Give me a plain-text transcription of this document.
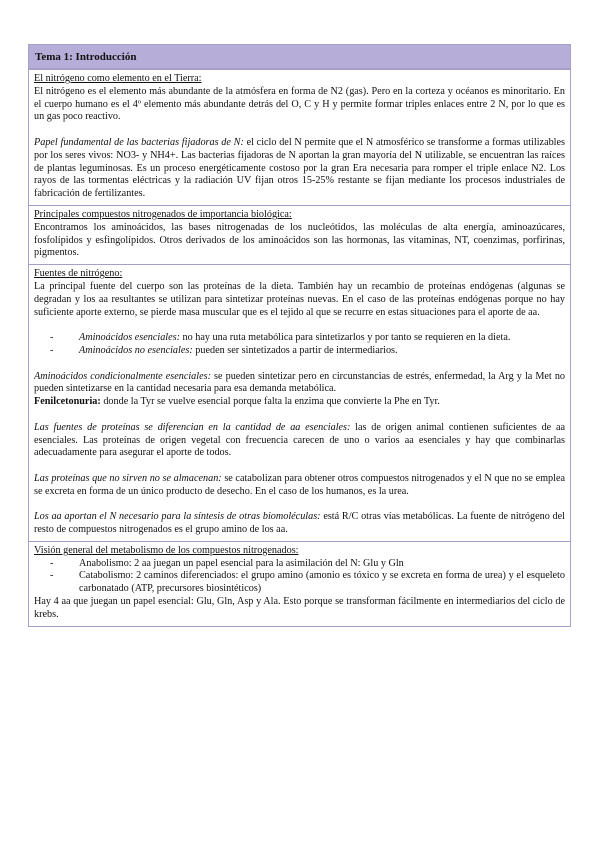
Tema 1: Introducción

El nitrógeno como elemento en el Tierra:

El nitrógeno es el elemento más abundante de la atmósfera en forma de N2 (gas). Pero en la corteza y océanos es minoritario. En el cuerpo humano es el 4º elemento más abundante detrás del O, C y H y permite formar triples enlaces entre 2 N, por lo que es un gas poco reactivo.

Papel fundamental de las bacterias fijadoras de N: el ciclo del N permite que el N atmosférico se transforme a formas utilizables por los seres vivos: NO3- y NH4+. Las bacterias fijadoras de N aportan la gran mayoría del N utilizable, se encuentran las raíces de plantas leguminosas. Es un proceso energéticamente costoso por la gran Era necesaria para romper el triple enlace N2. Los rayos de las tormentas eléctricas y la radiación UV fijan otros 15-25% restante se fijan mediante los procesos industriales de fabricación de fertilizantes.

Principales compuestos nitrogenados de importancia biológica:

Encontramos los aminoácidos, las bases nitrogenadas de los nucleótidos, las moléculas de alta energía, aminoazúcares, fosfolípidos y esfingolípidos. Otros derivados de los aminoácidos son las hormonas, las vitaminas, NT, coenzimas, porfirinas, pigmentos.

Fuentes de nitrógeno:

La principal fuente del cuerpo son las proteínas de la dieta. También hay un recambio de proteínas endógenas (algunas se degradan y los aa resultantes se utilizan para sintetizar proteínas nuevas. En el caso de las proteínas endógenas porque no hay suficiente aporte externo, se pierde masa muscular que es el tejido al que se recurre en estas situaciones para el aporte de aa.

- Aminoácidos esenciales: no hay una ruta metabólica para sintetizarlos y por tanto se requieren en la dieta.
- Aminoácidos no esenciales: pueden ser sintetizados a partir de intermediarios.

Aminoácidos condicionalmente esenciales: se pueden sintetizar pero en circunstancias de estrés, enfermedad, la Arg y la Met no pueden sintetizarse en la cantidad necesaria para esa demanda metabólica.

Fenilcetonuria: donde la Tyr se vuelve esencial porque falta la enzima que convierte la Phe en Tyr.

Las fuentes de proteínas se diferencian en la cantidad de aa esenciales: las de origen animal contienen suficientes de aa esenciales. Las proteínas de origen vegetal con frecuencia carecen de uno o varios aa esenciales y hay que combinarlas adecuadamente para asegurar el aporte de todos.

Las proteínas que no sirven no se almacenan: se catabolizan para obtener otros compuestos nitrogenados y el N que no se emplea se excreta en forma de un único producto de desecho. En el caso de los humanos, es la urea.

Los aa aportan el N necesario para la síntesis de otras biomoléculas: está R/C otras vías metabólicas. La fuente de nitrógeno del resto de compuestos nitrogenados es el grupo amino de los aa.

Visión general del metabolismo de los compuestos nitrogenados:

- Anabolismo: 2 aa juegan un papel esencial para la asimilación del N: Glu y Gln
- Catabolismo: 2 caminos diferenciados: el grupo amino (amonio es tóxico y se excreta en forma de urea) y el esqueleto carbonatado (ATP, precursores biosintéticos)

Hay 4 aa que juegan un papel esencial: Glu, Gln, Asp y Ala. Esto porque se transforman fácilmente en intermediarios del ciclo de krebs.
